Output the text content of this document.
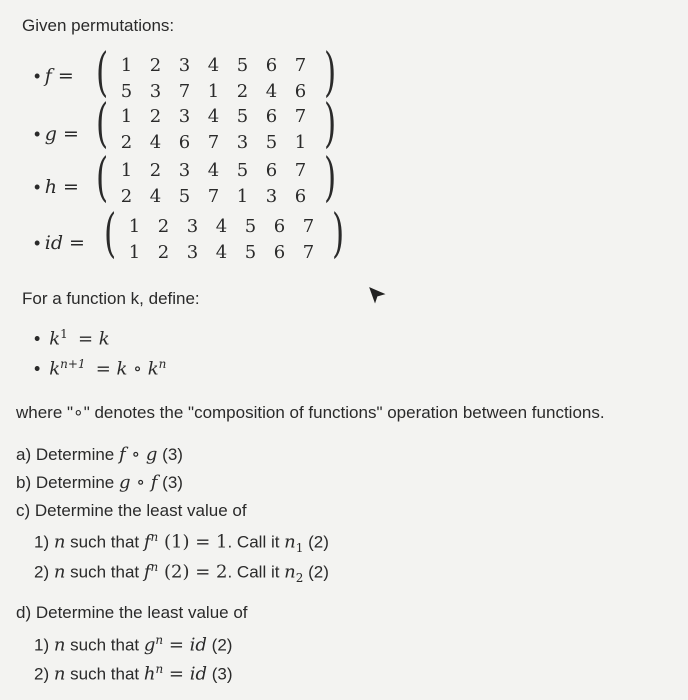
Given permutations:
• f = (	)
1 2 3 4 5 6 7
5 3 7 1 2 4 6
• g = (	)
1 2 3 4 5 6 7
2 4 6 7 3 5 1
• h = (	)
1 2 3 4 5 6 7
2 4 5 7 1 3 6
• id = (	)
1 2 3 4 5 6 7
1 2 3 4 5 6 7
For a function k, define:
• $k^1 = k$
• $k^{n+1} = k$ ∘ $k^n$
where "∘" denotes the "composition of functions" operation between functions.
a) Determine f ∘ g (3)
b) Determine g ∘ f (3)
c) Determine the least value of
1) n such that $f^n$ (1) = 1. Call it $n_1$ (2)
2) n such that $f^n$ (2) = 2. Call it $n_2$ (2)
d) Determine the least value of
1) n such that $g^n$ = id (2)
2) n such that $h^n$ = id (3)
